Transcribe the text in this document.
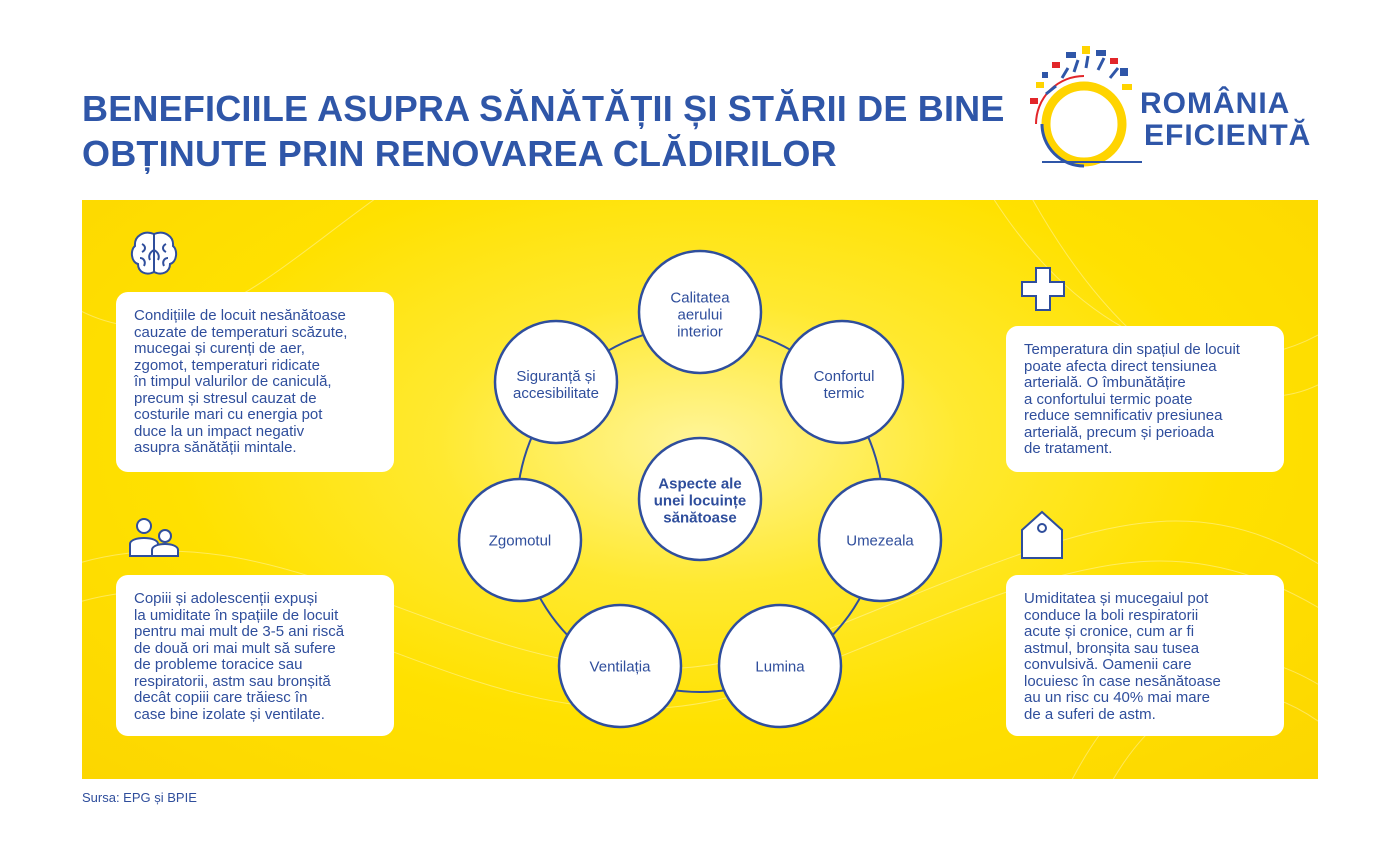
BENEFICIILE ASUPRA SĂNĂTĂȚII ȘI STĂRII DE BINE
OBȚINUTE PRIN RENOVAREA CLĂDIRILOR
ROMÂNIA
EFICIENTĂ

Condițiile de locuit nesănătoase

cauzate de temperaturi scăzute,

mucegai și curenți de aer,

zgomot, temperaturi ridicate

în timpul valurilor de caniculă,

precum și stresul cauzat de

costurile mari cu energia pot

duce la un impact negativ

asupra sănătății mintale.

Copiii și adolescenții expuși

la umiditate în spațiile de locuit

pentru mai mult de 3-5 ani riscă

de două ori mai mult să sufere

de probleme toracice sau

respiratorii, astm sau bronșită

decât copiii care trăiesc în

case bine izolate și ventilate.

Temperatura din spațiul de locuit

poate afecta direct tensiunea

arterială. O îmbunătățire

a confortului termic poate

reduce semnificativ presiunea

arterială, precum și perioada

de tratament.

Umiditatea și mucegaiul pot

conduce la boli respiratorii

acute și cronice, cum ar fi

astmul, bronșita sau tusea

convulsivă. Oamenii care

locuiesc în case nesănătoase

au un risc cu 40% mai mare

de a suferi de astm.

Calitatea
aerului
interior
Confortul
termic
Umezeala
Lumina
Ventilația
Zgomotul
Siguranță și
accesibilitate
Aspecte ale
unei locuințe
sănătoase
Sursa: EPG și BPIE
